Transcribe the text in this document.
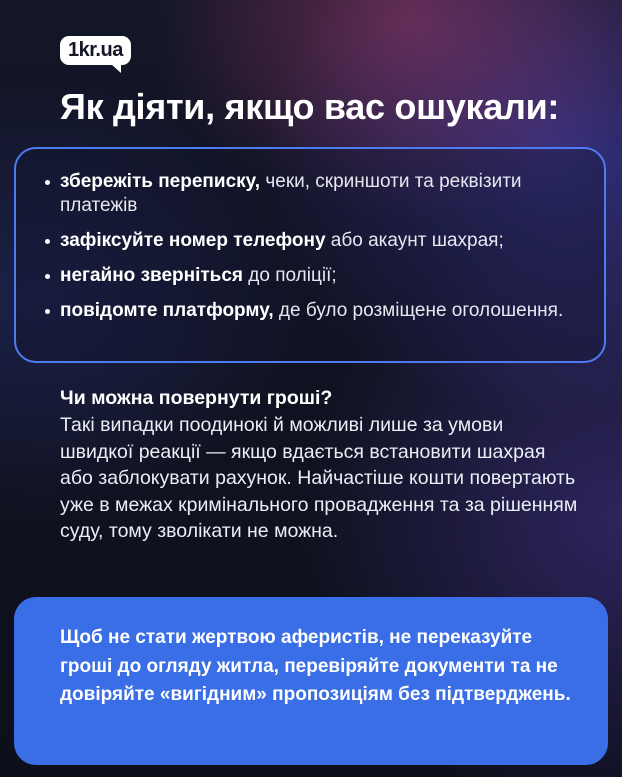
1kr.ua
Як діяти, якщо вас ошукали:
збережіть переписку, чеки, скриншоти та реквізити платежів
зафіксуйте номер телефону або акаунт шахрая;
негайно зверніться до поліції;
повідомте платформу, де було розміщене оголошення.
Чи можна повернути гроші?

Такі випадки поодинокі й можливі лише за умови швидкої реакції — якщо вдається встановити шахрая або заблокувати рахунок. Найчастіше кошти повертають уже в межах кримінального провадження та за рішенням суду, тому зволікати не можна.

Щоб не стати жертвою аферистів, не переказуйте гроші до огляду житла, перевіряйте документи та не довіряйте «вигідним» пропозиціям без підтверджень.
